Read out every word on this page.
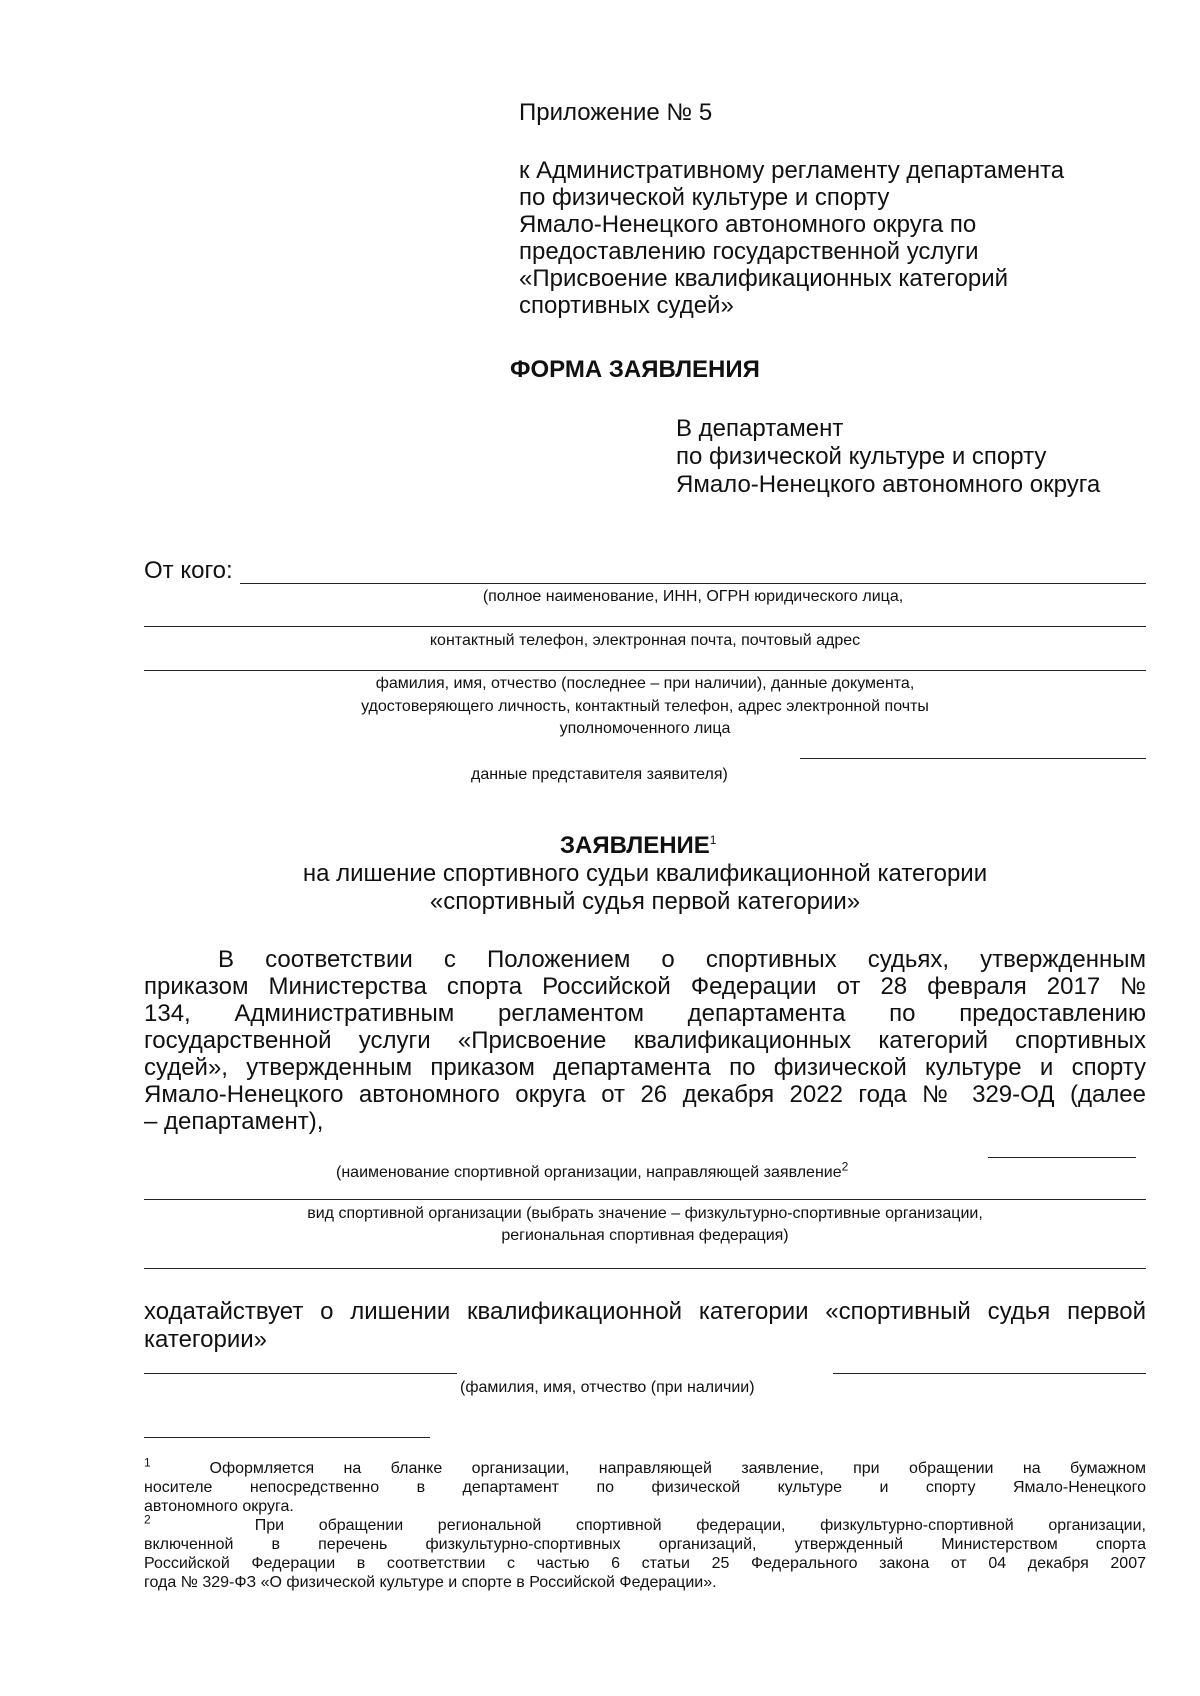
Приложение № 5
к Административному регламенту департамента
по физической культуре и спорту
Ямало-Ненецкого автономного округа по
предоставлению государственной услуги
«Присвоение квалификационных категорий
спортивных судей»
ФОРМА ЗАЯВЛЕНИЯ
В департамент
по физической культуре и спорту
Ямало-Ненецкого автономного округа
От кого:
(полное наименование, ИНН, ОГРН юридического лица,
контактный телефон, электронная почта, почтовый адрес
фамилия, имя, отчество (последнее – при наличии), данные документа,
удостоверяющего личность, контактный телефон, адрес электронной почты
уполномоченного лица
данные представителя заявителя)
ЗАЯВЛЕНИЕ$^1$
на лишение спортивного судьи квалификационной категории
«спортивный судья первой категории»
В соответствии с Положением о спортивных судьях, утвержденным
приказом Министерства спорта Российской Федерации от 28 февраля 2017 №
134, Административным регламентом департамента по предоставлению
государственной услуги «Присвоение квалификационных категорий спортивных
судей», утвержденным приказом департамента по физической культуре и спорту
Ямало-Ненецкого автономного округа от 26 декабря 2022 года № 329-ОД (далее
– департамент),
(наименование спортивной организации, направляющей заявление$^2$
вид спортивной организации (выбрать значение – физкультурно-спортивные организации,
региональная спортивная федерация)
ходатайствует о лишении квалификационной категории «спортивный судья первой
категории»
(фамилия, имя, отчество (при наличии)
$^1$	Оформляется на бланке организации, направляющей заявление, при обращении на бумажном
носителе непосредственно в департамент по физической культуре и спорту Ямало-Ненецкого
автономного округа.
$^2$	При обращении региональной спортивной федерации, физкультурно-спортивной организации,
включенной в перечень физкультурно-спортивных организаций, утвержденный Министерством спорта
Российской Федерации в соответствии с частью 6 статьи 25 Федерального закона от 04 декабря 2007
года № 329-ФЗ «О физической культуре и спорте в Российской Федерации».
